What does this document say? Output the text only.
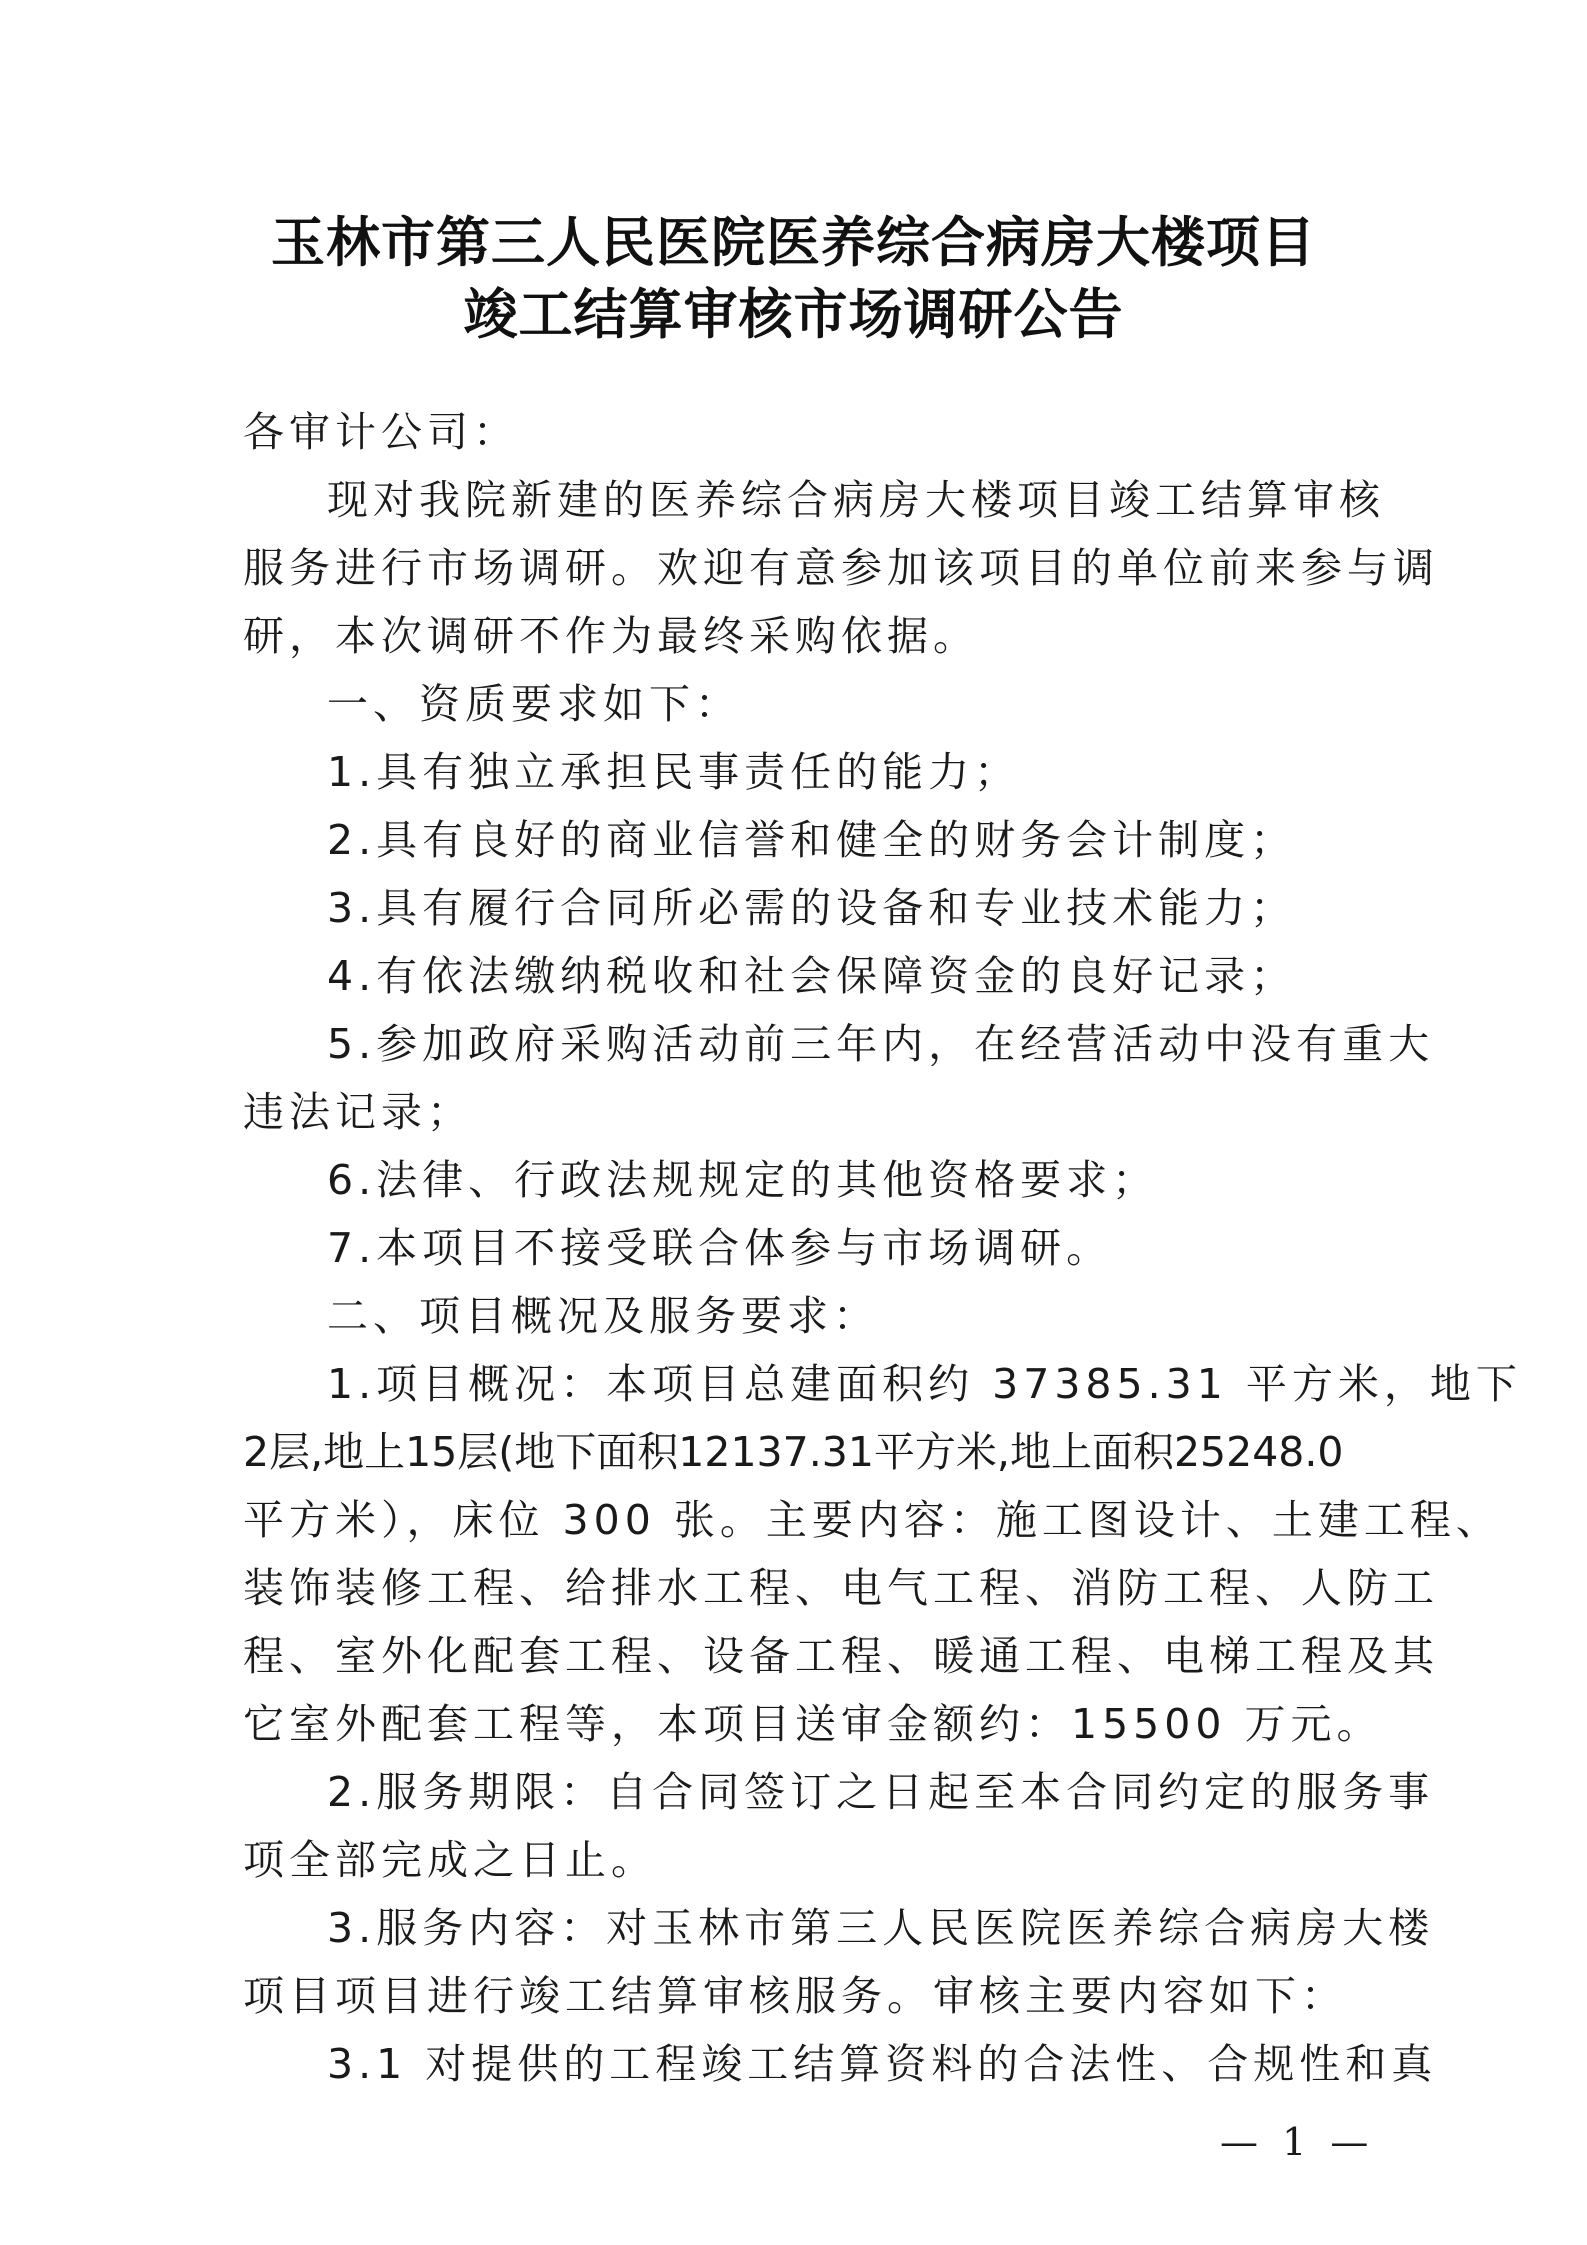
玉林市第三人民医院医养综合病房大楼项目
竣工结算审核市场调研公告
各审计公司：
现对我院新建的医养综合病房大楼项目竣工结算审核
服务进行市场调研。欢迎有意参加该项目的单位前来参与调
研，本次调研不作为最终采购依据。
一、资质要求如下：
1.具有独立承担民事责任的能力；
2.具有良好的商业信誉和健全的财务会计制度；
3.具有履行合同所必需的设备和专业技术能力；
4.有依法缴纳税收和社会保障资金的良好记录；
5.参加政府采购活动前三年内，在经营活动中没有重大
违法记录；
6.法律、行政法规规定的其他资格要求；
7.本项目不接受联合体参与市场调研。
二、项目概况及服务要求：
1.项目概况：本项目总建面积约 37385.31 平方米，地下
2层,地上15层(地下面积12137.31平方米,地上面积25248.0
平方米），床位 300 张。主要内容：施工图设计、土建工程、
装饰装修工程、给排水工程、电气工程、消防工程、人防工
程、室外化配套工程、设备工程、暖通工程、电梯工程及其
它室外配套工程等，本项目送审金额约：15500 万元。
2.服务期限：自合同签订之日起至本合同约定的服务事
项全部完成之日止。
3.服务内容：对玉林市第三人民医院医养综合病房大楼
项目项目进行竣工结算审核服务。审核主要内容如下：
3.1 对提供的工程竣工结算资料的合法性、合规性和真
— 1 —
